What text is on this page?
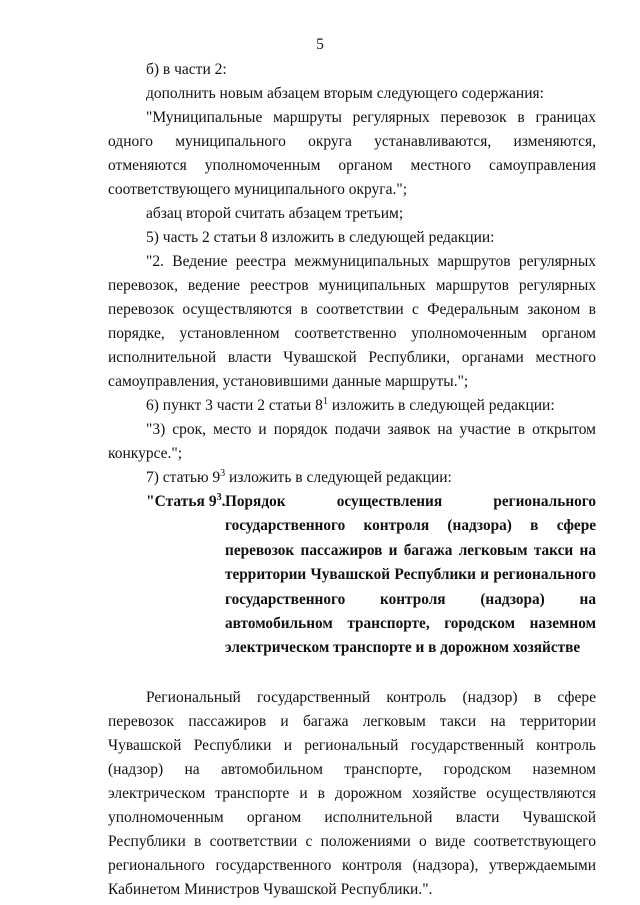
5

б) в части 2:

дополнить новым абзацем вторым следующего содержания:

"Муниципальные маршруты регулярных перевозок в границах одного муниципального округа устанавливаются, изменяются, отменяются уполномоченным органом местного самоуправления соответствующего муниципального округа.";

абзац второй считать абзацем третьим;

5) часть 2 статьи 8 изложить в следующей редакции:

"2. Ведение реестра межмуниципальных маршрутов регулярных перевозок, ведение реестров муниципальных маршрутов регулярных перевозок осуществляются в соответствии с Федеральным законом в порядке, установленном соответственно уполномоченным органом исполнительной власти Чувашской Республики, органами местного самоуправления, установившими данные маршруты.";

6) пункт 3 части 2 статьи $8^1$ изложить в следующей редакции:

"3) срок, место и порядок подачи заявок на участие в открытом конкурсе.";

7) статью $9^3$ изложить в следующей редакции:

"Статья $9^3$. Порядок осуществления регионального государственного контроля (надзора) в сфере перевозок пассажиров и багажа легковым такси на территории Чувашской Республики и регионального государственного контроля (надзора) на автомобильном транспорте, городском наземном электрическом транспорте и в дорожном хозяйстве

Региональный государственный контроль (надзор) в сфере перевозок пассажиров и багажа легковым такси на территории Чувашской Республики и региональный государственный контроль (надзор) на автомобильном транспорте, городском наземном электрическом транспорте и в дорожном хозяйстве осуществляются уполномоченным органом исполнительной власти Чувашской Республики в соответствии с положениями о виде соответствующего регионального государственного контроля (надзора), утверждаемыми Кабинетом Министров Чувашской Республики.".
